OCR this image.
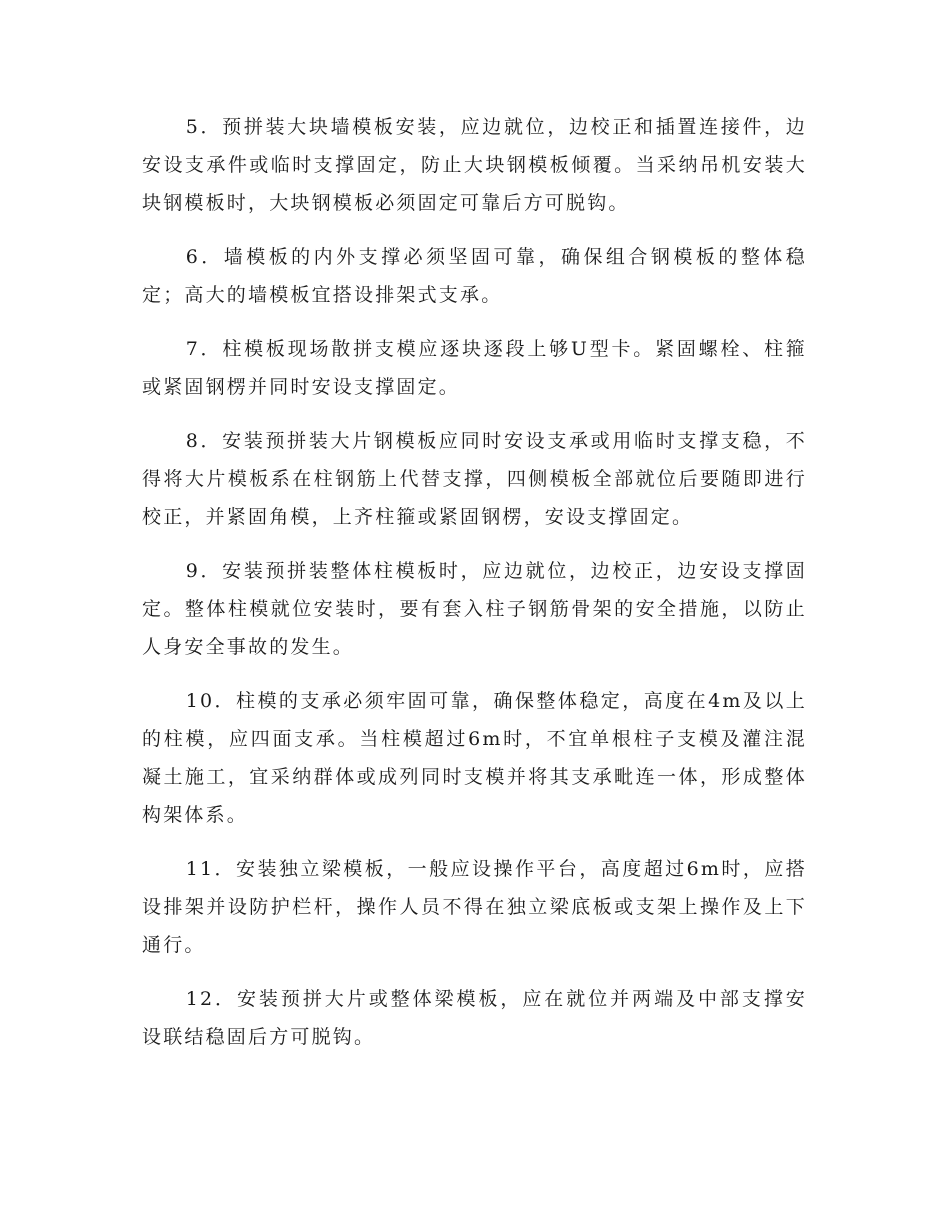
5．预拼装大块墙模板安装，应边就位，边校正和插置连接件，边安设支承件或临时支撑固定，防止大块钢模板倾覆。当采纳吊机安装大块钢模板时，大块钢模板必须固定可靠后方可脱钩。

6．墙模板的内外支撑必须坚固可靠，确保组合钢模板的整体稳定；高大的墙模板宜搭设排架式支承。

7．柱模板现场散拼支模应逐块逐段上够U型卡。紧固螺栓、柱箍或紧固钢楞并同时安设支撑固定。

8．安装预拼装大片钢模板应同时安设支承或用临时支撑支稳，不得将大片模板系在柱钢筋上代替支撑，四侧模板全部就位后要随即进行校正，并紧固角模，上齐柱箍或紧固钢楞，安设支撑固定。

9．安装预拼装整体柱模板时，应边就位，边校正，边安设支撑固定。整体柱模就位安装时，要有套入柱子钢筋骨架的安全措施，以防止人身安全事故的发生。

10．柱模的支承必须牢固可靠，确保整体稳定，高度在4m及以上的柱模，应四面支承。当柱模超过6m时，不宜单根柱子支模及灌注混凝土施工，宜采纳群体或成列同时支模并将其支承毗连一体，形成整体构架体系。

11．安装独立梁模板，一般应设操作平台，高度超过6m时，应搭设排架并设防护栏杆，操作人员不得在独立梁底板或支架上操作及上下通行。

12．安装预拼大片或整体梁模板，应在就位并两端及中部支撑安设联结稳固后方可脱钩。
